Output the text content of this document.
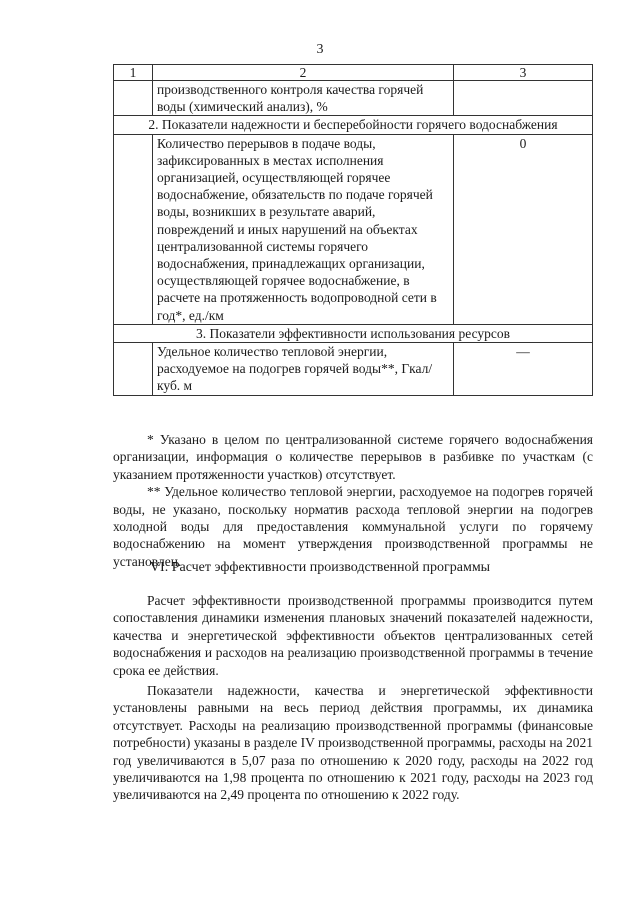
3
1	2	3
	производственного контроля качества горячей воды (химический анализ), %	
2. Показатели надежности и бесперебойности горячего водоснабжения		
	Количество перерывов в подаче воды, зафиксированных в местах исполнения организацией, осуществляющей горячее водоснабжение, обязательств по подаче горячей воды, возникших в результате аварий, повреждений и иных нарушений на объектах централизованной системы горячего водоснабжения, принадлежащих организации, осуществляющей горячее водоснабжение, в расчете на протяженность водопроводной сети в год*, ед./км	0
3. Показатели эффективности использования ресурсов		
	Удельное количество тепловой энергии, расходуемое на подогрев горячей воды**, Гкал/ куб. м	—

* Указано в целом по централизованной системе горячего водоснабжения организации, информация о количестве перерывов в разбивке по участкам (с указанием протяженности участков) отсутствует.

** Удельное количество тепловой энергии, расходуемое на подогрев горячей воды, не указано, поскольку норматив расхода тепловой энергии на подогрев холодной воды для предоставления коммунальной услуги по горячему водоснабжению на момент утверждения производственной программы не установлен.

VI. Расчет эффективности производственной программы

Расчет эффективности производственной программы производится путем сопоставления динамики изменения плановых значений показателей надежности, качества и энергетической эффективности объектов централизованных сетей водоснабжения и расходов на реализацию производственной программы в течение срока ее действия.

Показатели надежности, качества и энергетической эффективности установлены равными на весь период действия программы, их динамика отсутствует. Расходы на реализацию производственной программы (финансовые потребности) указаны в разделе IV производственной программы, расходы на 2021 год увеличиваются в 5,07 раза по отношению к 2020 году, расходы на 2022 год увеличиваются на 1,98 процента по отношению к 2021 году, расходы на 2023 год увеличиваются на 2,49 процента по отношению к 2022 году.
